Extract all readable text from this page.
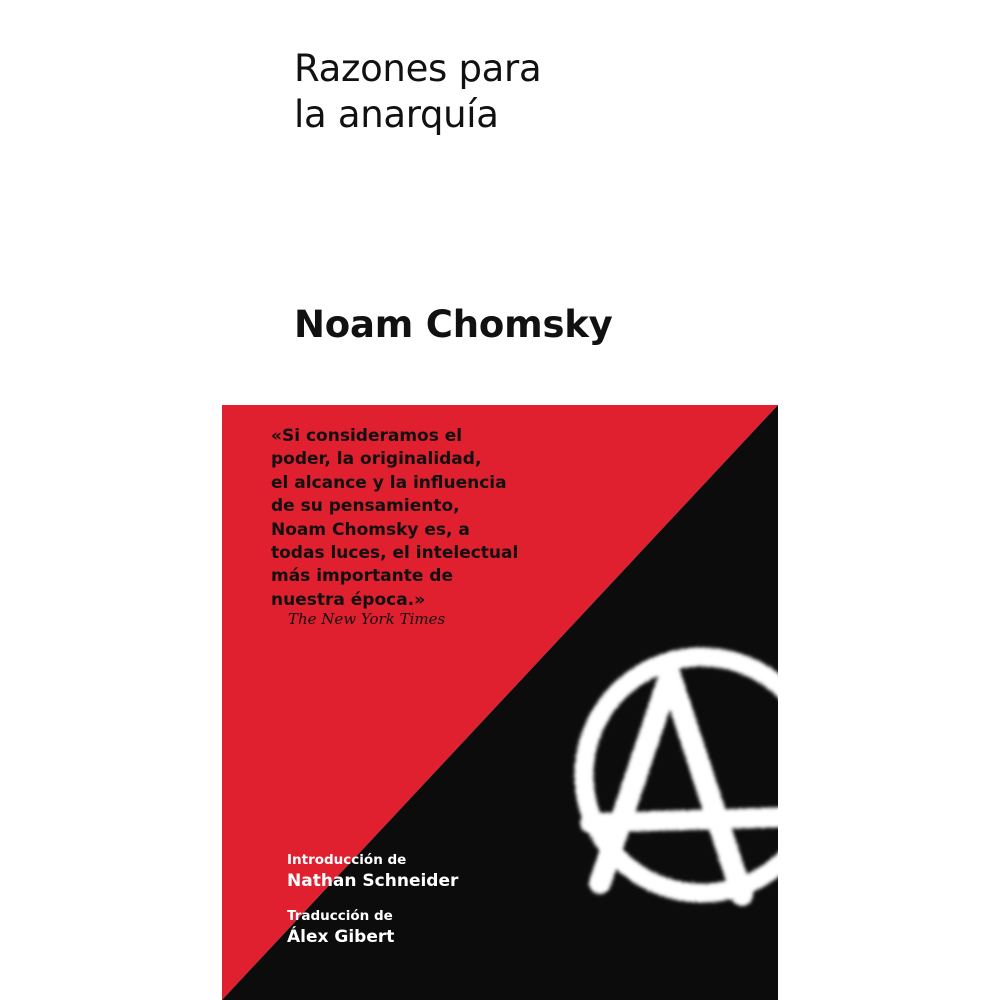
Razones para
la anarquía
Noam Chomsky

«Si consideramos el
poder, la originalidad,
el alcance y la influencia
de su pensamiento,
Noam Chomsky es, a
todas luces, el intelectual
más importante de
nuestra época.»

The New York Times

Introducción de
Nathan Schneider
Traducción de
Álex Gibert
